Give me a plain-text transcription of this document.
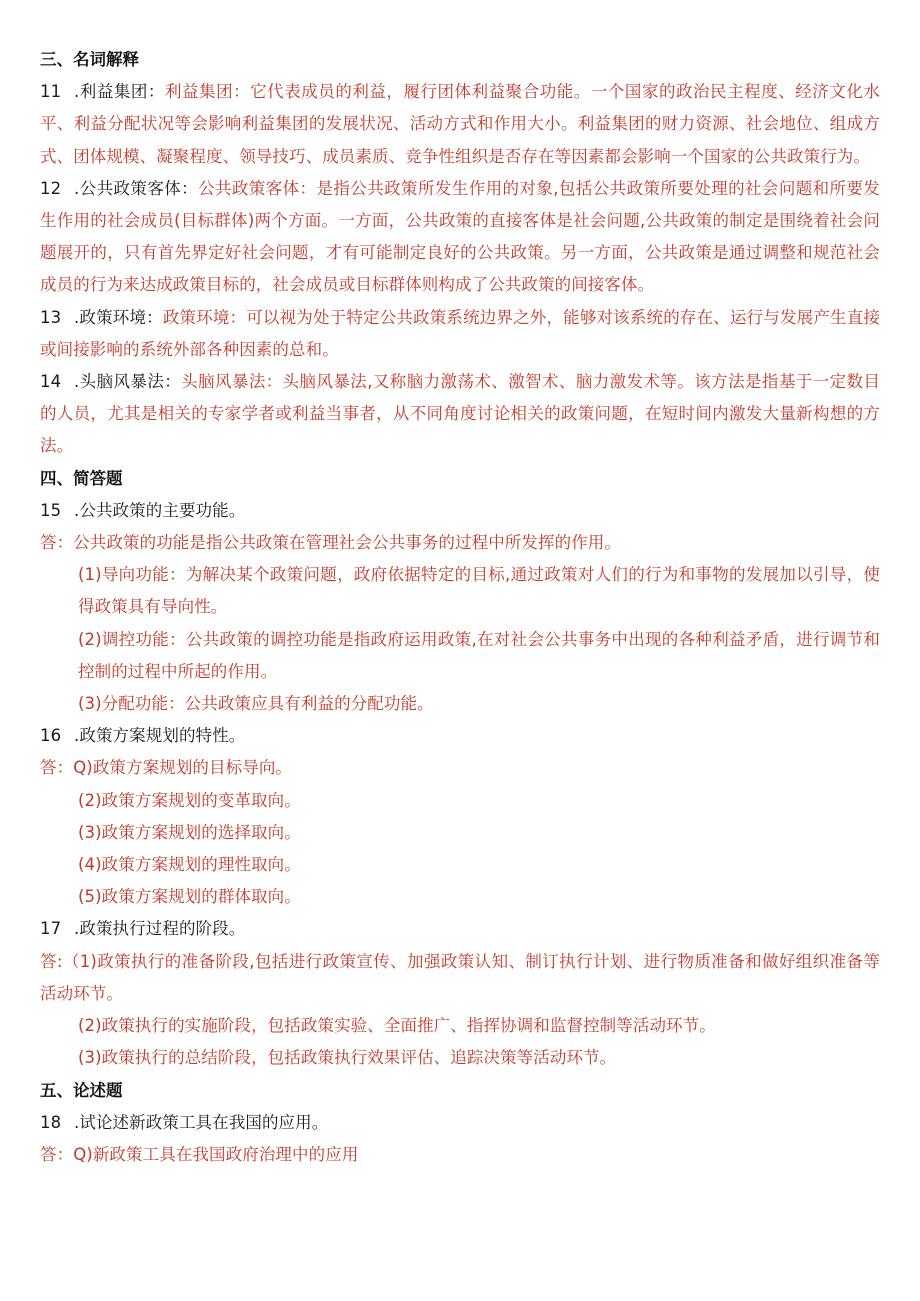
三、名词解释
11 .利益集团：利益集团：它代表成员的利益，履行团体利益聚合功能。一个国家的政治民主程度、经济文化水平、利益分配状况等会影响利益集团的发展状况、活动方式和作用大小。利益集团的财力资源、社会地位、组成方式、团体规模、凝聚程度、领导技巧、成员素质、竞争性组织是否存在等因素都会影响一个国家的公共政策行为。
12 .公共政策客体：公共政策客体：是指公共政策所发生作用的对象,包括公共政策所要处理的社会问题和所要发生作用的社会成员(目标群体)两个方面。一方面，公共政策的直接客体是社会问题,公共政策的制定是围绕着社会问题展开的，只有首先界定好社会问题，才有可能制定良好的公共政策。另一方面，公共政策是通过调整和规范社会成员的行为来达成政策目标的，社会成员或目标群体则构成了公共政策的间接客体。
13 .政策环境：政策环境：可以视为处于特定公共政策系统边界之外，能够对该系统的存在、运行与发展产生直接或间接影响的系统外部各种因素的总和。
14 .头脑风暴法：头脑风暴法：头脑风暴法,又称脑力激荡术、激智术、脑力激发术等。该方法是指基于一定数目的人员，尤其是相关的专家学者或利益当事者，从不同角度讨论相关的政策问题，在短时间内激发大量新构想的方法。
四、简答题
15 .公共政策的主要功能。
答：公共政策的功能是指公共政策在管理社会公共事务的过程中所发挥的作用。
(1)导向功能：为解决某个政策问题，政府依据特定的目标,通过政策对人们的行为和事物的发展加以引导，使得政策具有导向性。
(2)调控功能：公共政策的调控功能是指政府运用政策,在对社会公共事务中出现的各种利益矛盾，进行调节和控制的过程中所起的作用。
(3)分配功能：公共政策应具有利益的分配功能。
16 .政策方案规划的特性。
答：Q)政策方案规划的目标导向。
(2)政策方案规划的变革取向。
(3)政策方案规划的选择取向。
(4)政策方案规划的理性取向。
(5)政策方案规划的群体取向。
17 .政策执行过程的阶段。
答:（1)政策执行的准备阶段,包括进行政策宣传、加强政策认知、制订执行计划、进行物质准备和做好组织准备等活动环节。
(2)政策执行的实施阶段，包括政策实验、全面推广、指挥协调和监督控制等活动环节。
(3)政策执行的总结阶段，包括政策执行效果评估、追踪决策等活动环节。
五、论述题
18 .试论述新政策工具在我国的应用。
答：Q)新政策工具在我国政府治理中的应用
